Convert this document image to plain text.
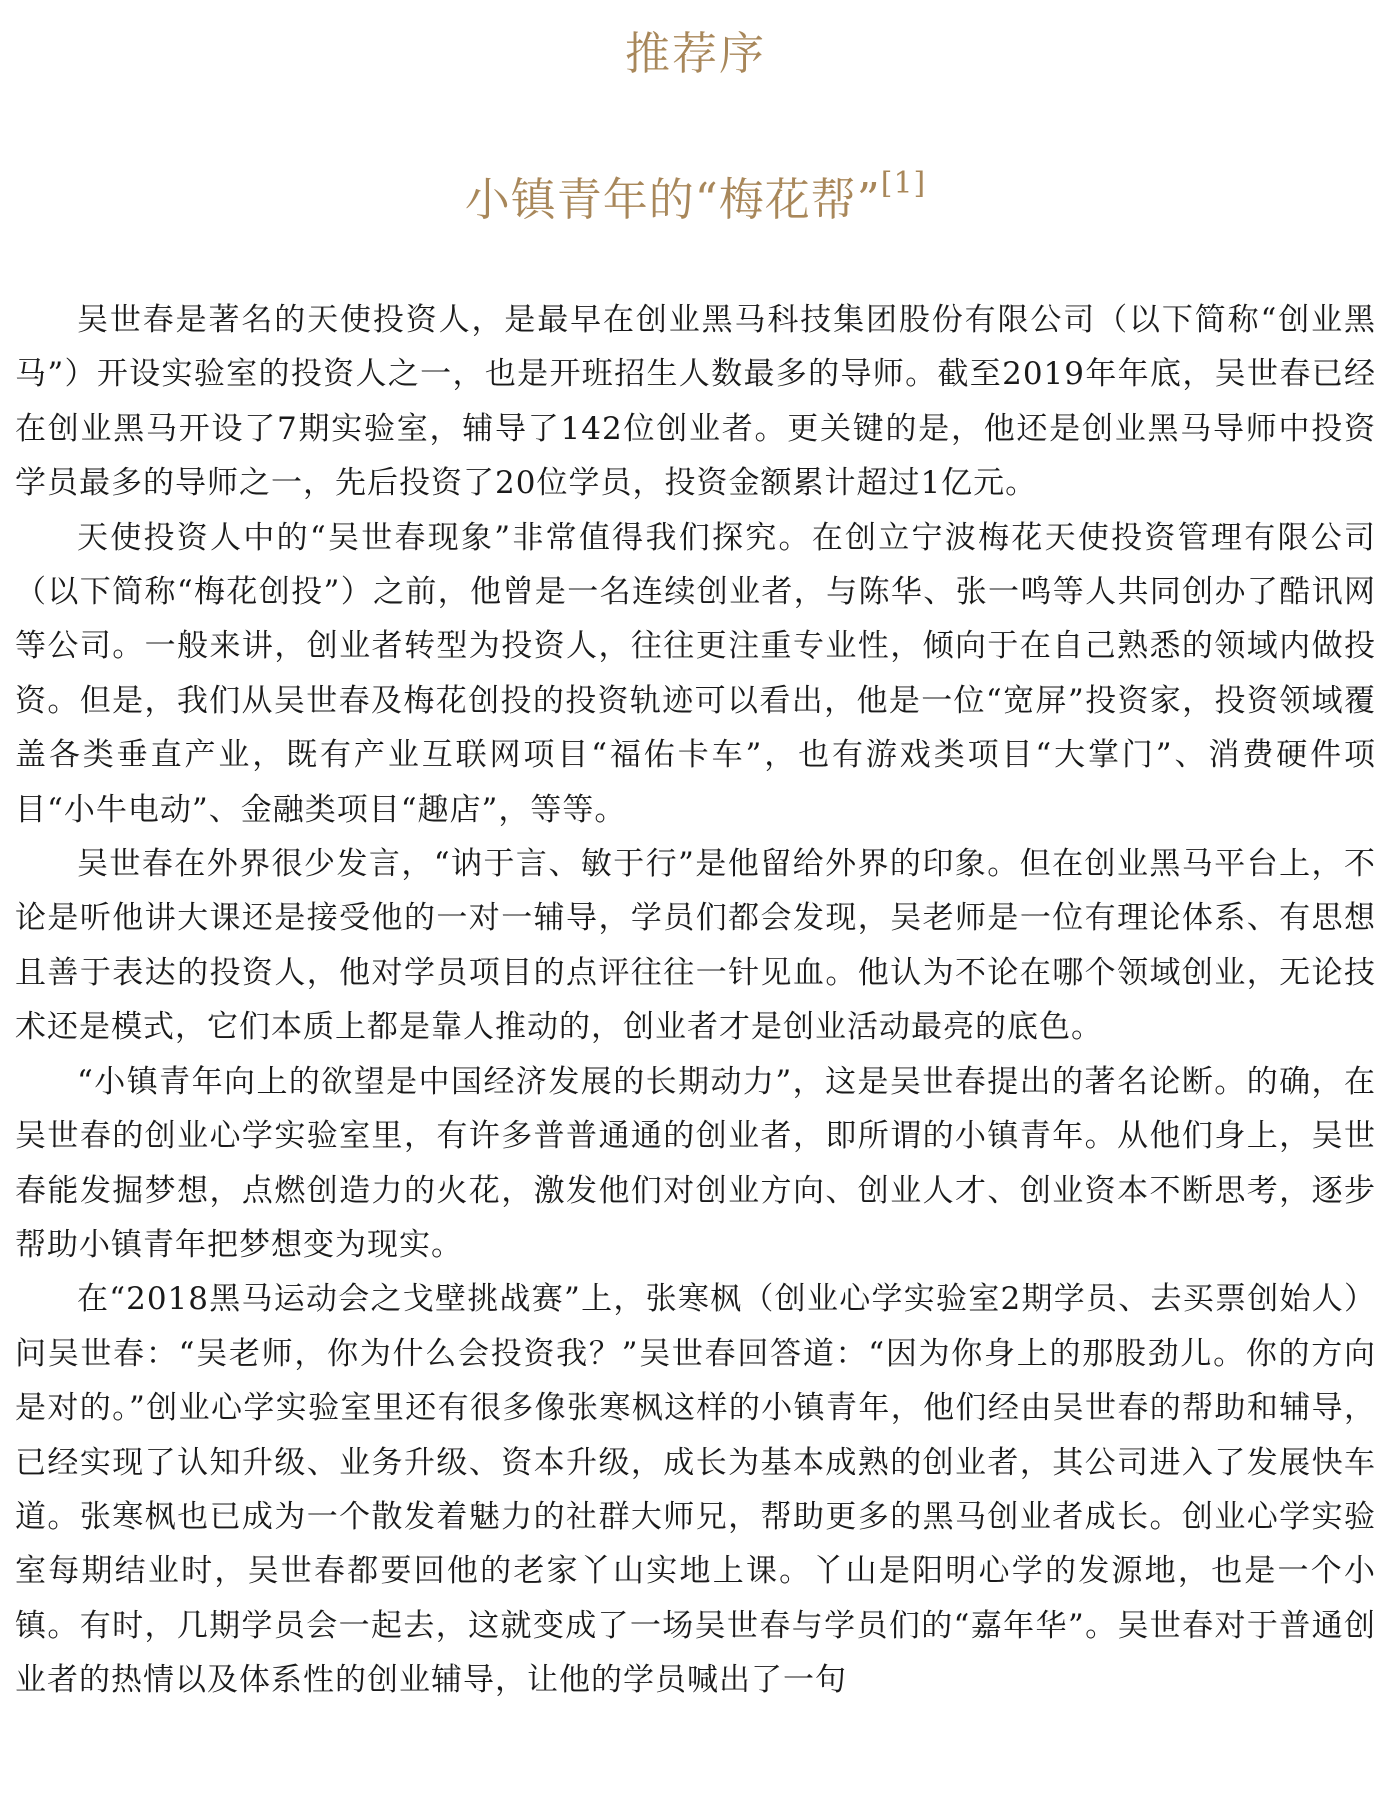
推荐序
小镇青年的“梅花帮”[1]

吴世春是著名的天使投资人，是最早在创业黑马科技集团股份有限公司（以下简称“创业黑马”）开设实验室的投资人之一，也是开班招生人数最多的导师。截至2019年年底，吴世春已经在创业黑马开设了7期实验室，辅导了142位创业者。更关键的是，他还是创业黑马导师中投资学员最多的导师之一，先后投资了20位学员，投资金额累计超过1亿元。

天使投资人中的“吴世春现象”非常值得我们探究。在创立宁波梅花天使投资管理有限公司（以下简称“梅花创投”）之前，他曾是一名连续创业者，与陈华、张一鸣等人共同创办了酷讯网等公司。一般来讲，创业者转型为投资人，往往更注重专业性，倾向于在自己熟悉的领域内做投资。但是，我们从吴世春及梅花创投的投资轨迹可以看出，他是一位“宽屏”投资家，投资领域覆盖各类垂直产业，既有产业互联网项目“福佑卡车”，也有游戏类项目“大掌门”、消费硬件项目“小牛电动”、金融类项目“趣店”，等等。

吴世春在外界很少发言，“讷于言、敏于行”是他留给外界的印象。但在创业黑马平台上，不论是听他讲大课还是接受他的一对一辅导，学员们都会发现，吴老师是一位有理论体系、有思想且善于表达的投资人，他对学员项目的点评往往一针见血。他认为不论在哪个领域创业，无论技术还是模式，它们本质上都是靠人推动的，创业者才是创业活动最亮的底色。

“小镇青年向上的欲望是中国经济发展的长期动力”，这是吴世春提出的著名论断。的确，在吴世春的创业心学实验室里，有许多普普通通的创业者，即所谓的小镇青年。从他们身上，吴世春能发掘梦想，点燃创造力的火花，激发他们对创业方向、创业人才、创业资本不断思考，逐步帮助小镇青年把梦想变为现实。

在“2018黑马运动会之戈壁挑战赛”上，张寒枫（创业心学实验室2期学员、去买票创始人）问吴世春：“吴老师，你为什么会投资我？”吴世春回答道：“因为你身上的那股劲儿。你的方向是对的。”创业心学实验室里还有很多像张寒枫这样的小镇青年，他们经由吴世春的帮助和辅导，已经实现了认知升级、业务升级、资本升级，成长为基本成熟的创业者，其公司进入了发展快车道。张寒枫也已成为一个散发着魅力的社群大师兄，帮助更多的黑马创业者成长。创业心学实验室每期结业时，吴世春都要回他的老家丫山实地上课。丫山是阳明心学的发源地，也是一个小镇。有时，几期学员会一起去，这就变成了一场吴世春与学员们的“嘉年华”。吴世春对于普通创业者的热情以及体系性的创业辅导，让他的学员喊出了一句
